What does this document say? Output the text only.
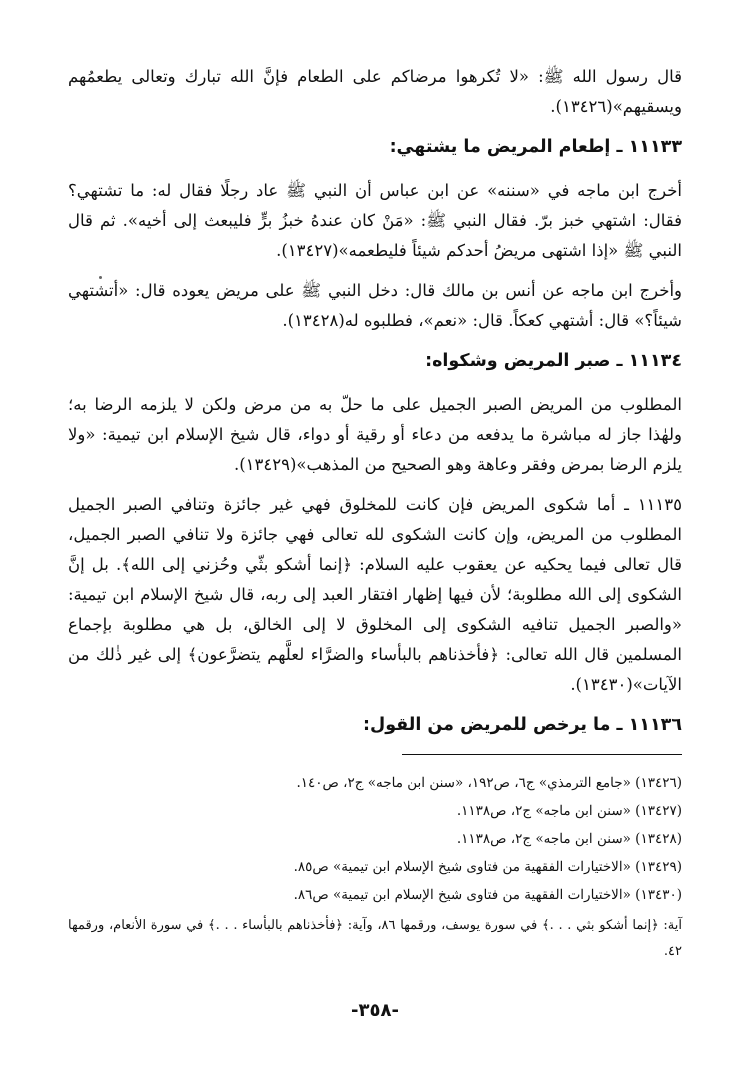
قال رسول الله ﷺ: «لا تُكرهوا مرضاكم على الطعام فإنَّ الله تبارك وتعالى يطعمُهم ويسقيهم»(١٣٤٢٦).

١١١٣٣ ـ إطعام المريض ما يشتهي:

أخرج ابن ماجه في «سننه» عن ابن عباس أن النبي ﷺ عاد رجلًا فقال له: ما تشتهي؟ فقال: اشتهي خبز برّ. فقال النبي ﷺ: «مَنْ كان عندهُ خبزُ برٍّ فليبعث إلى أخيه». ثم قال النبي ﷺ «إذا اشتهى مريضُ أحدكم شيئاً فليطعمه»(١٣٤٢٧).

وأخرج ابن ماجه عن أنس بن مالك قال: دخل النبي ﷺ على مريض يعوده قال: «أتشتهي شيئاً؟» قال: أشتهي كعكاً. قال: «نعم»، فطلبوه له(١٣٤٢٨).

١١١٣٤ ـ صبر المريض وشكواه:

المطلوب من المريض الصبر الجميل على ما حلّ به من مرض ولكن لا يلزمه الرضا به؛ ولهٰذا جاز له مباشرة ما يدفعه من دعاء أو رقية أو دواء، قال شيخ الإسلام ابن تيمية: «ولا يلزم الرضا بمرض وفقر وعاهة وهو الصحيح من المذهب»(١٣٤٢٩).

١١١٣٥ ـ أما شكوى المريض فإن كانت للمخلوق فهي غير جائزة وتنافي الصبر الجميل المطلوب من المريض، وإن كانت الشكوى لله تعالى فهي جائزة ولا تنافي الصبر الجميل، قال تعالى فيما يحكيه عن يعقوب عليه السلام: ﴿إنما أشكو بثّي وحُزني إلى الله﴾. بل إنَّ الشكوى إلى الله مطلوبة؛ لأن فيها إظهار افتقار العبد إلى ربه، قال شيخ الإسلام ابن تيمية: «والصبر الجميل تنافيه الشكوى إلى المخلوق لا إلى الخالق، بل هي مطلوبة بإجماع المسلمين قال الله تعالى: ﴿فأخذناهم بالبأساء والضرَّاء لعلَّهم يتضرَّعون﴾ إلى غير ذٰلك من الآيات»(١٣٤٣٠).

١١١٣٦ ـ ما يرخص للمريض من القول:

(١٣٤٢٦) «جامع الترمذي» ج٦، ص١٩٢، «سنن ابن ماجه» ج٢، ص١٤٠.

(١٣٤٢٧) «سنن ابن ماجه» ج٢، ص١١٣٨.

(١٣٤٢٨) «سنن ابن ماجه» ج٢، ص١١٣٨.

(١٣٤٢٩) «الاختيارات الفقهية من فتاوى شيخ الإسلام ابن تيمية» ص٨٥.

(١٣٤٣٠) «الاختيارات الفقهية من فتاوى شيخ الإسلام ابن تيمية» ص٨٦.

آية: ﴿إنما أشكو بثي . . .﴾ في سورة يوسف، ورقمها ٨٦، وآية: ﴿فأخذناهم بالبأساء . . .﴾ في سورة الأنعام، ورقمها ٤٢.

-٣٥٨-
